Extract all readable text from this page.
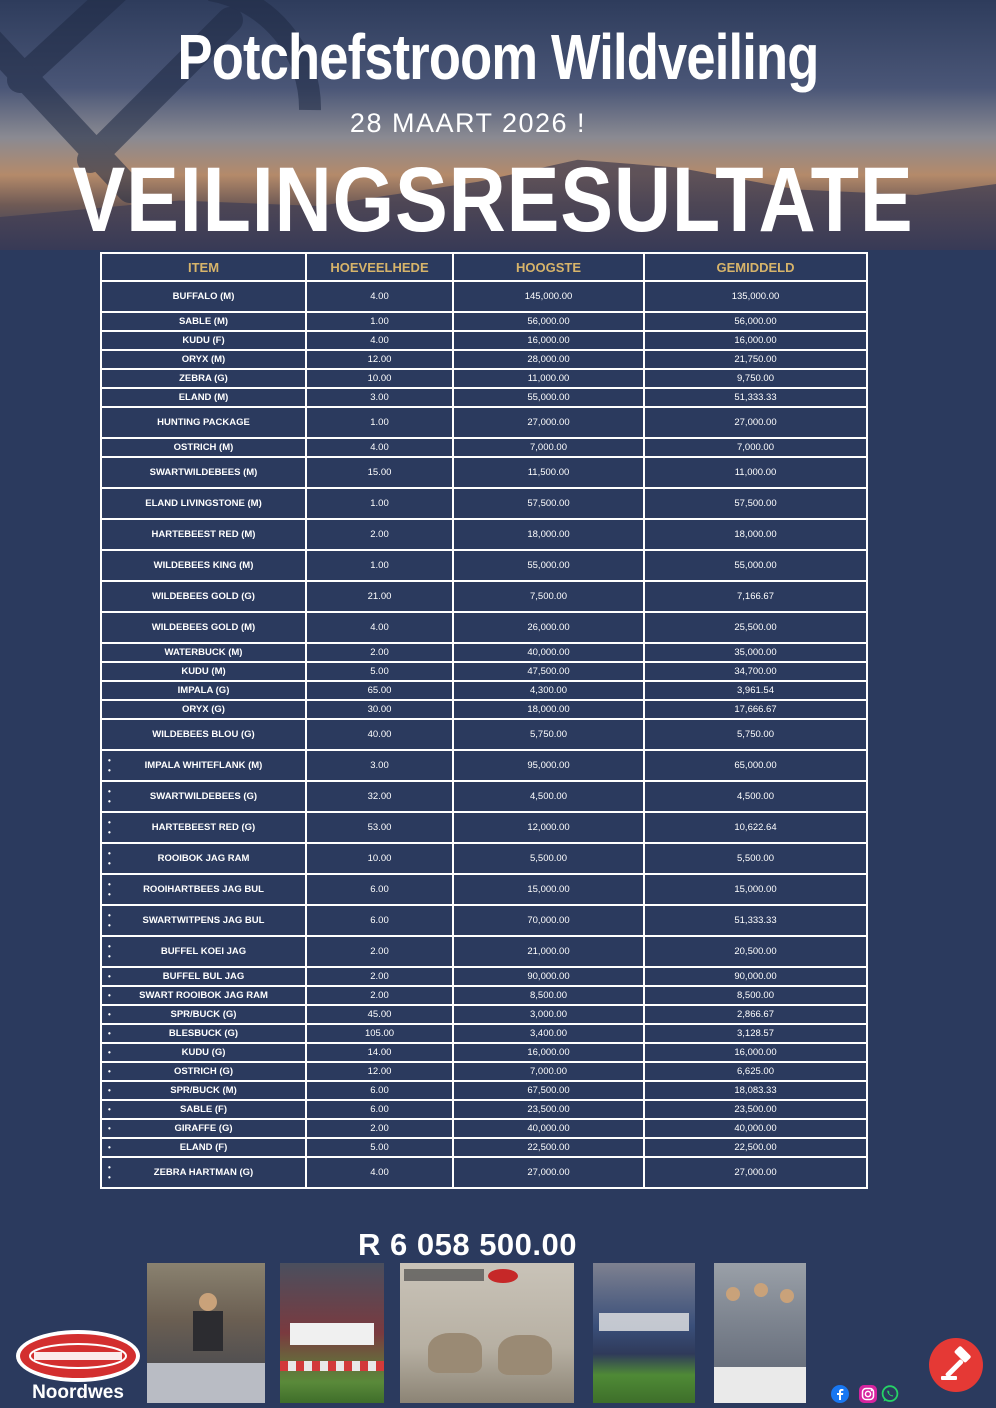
Potchefstroom Wildveiling
28 MAART 2026 !
VEILINGSRESULTATE
ITEM	HOEVEELHEDE	HOOGSTE	GEMIDDELD
BUFFALO (M)	4.00	145,000.00	135,000.00
SABLE (M)	1.00	56,000.00	56,000.00
KUDU (F)	4.00	16,000.00	16,000.00
ORYX (M)	12.00	28,000.00	21,750.00
ZEBRA (G)	10.00	11,000.00	9,750.00
ELAND (M)	3.00	55,000.00	51,333.33
HUNTING PACKAGE	1.00	27,000.00	27,000.00
OSTRICH (M)	4.00	7,000.00	7,000.00
SWARTWILDEBEES (M)	15.00	11,500.00	11,000.00
ELAND LIVINGSTONE (M)	1.00	57,500.00	57,500.00
HARTEBEEST RED (M)	2.00	18,000.00	18,000.00
WILDEBEES KING (M)	1.00	55,000.00	55,000.00
WILDEBEES GOLD (G)	21.00	7,500.00	7,166.67
WILDEBEES GOLD (M)	4.00	26,000.00	25,500.00
WATERBUCK (M)	2.00	40,000.00	35,000.00
KUDU (M)	5.00	47,500.00	34,700.00
IMPALA (G)	65.00	4,300.00	3,961.54
ORYX (G)	30.00	18,000.00	17,666.67
WILDEBEES BLOU (G)	40.00	5,750.00	5,750.00

•
• IMPALA WHITEFLANK (M)	3.00	95,000.00	65,000.00

•
• SWARTWILDEBEES (G)	32.00	4,500.00	4,500.00

•
• HARTEBEEST RED (G)	53.00	12,000.00	10,622.64

•
• ROOIBOK JAG RAM	10.00	5,500.00	5,500.00

•
• ROOIHARTBEES JAG BUL	6.00	15,000.00	15,000.00

•
• SWARTWITPENS JAG BUL	6.00	70,000.00	51,333.33

•
• BUFFEL KOEI JAG	2.00	21,000.00	20,500.00

• BUFFEL BUL JAG	2.00	90,000.00	90,000.00

• SWART ROOIBOK JAG RAM	2.00	8,500.00	8,500.00

• SPR/BUCK (G)	45.00	3,000.00	2,866.67

• BLESBUCK (G)	105.00	3,400.00	3,128.57

• KUDU (G)	14.00	16,000.00	16,000.00

• OSTRICH (G)	12.00	7,000.00	6,625.00

• SPR/BUCK (M)	6.00	67,500.00	18,083.33

• SABLE (F)	6.00	23,500.00	23,500.00

• GIRAFFE (G)	2.00	40,000.00	40,000.00

• ELAND (F)	5.00	22,500.00	22,500.00

•
• ZEBRA HARTMAN (G)	4.00	27,000.00	27,000.00
R 6 058 500.00
Noordwes
